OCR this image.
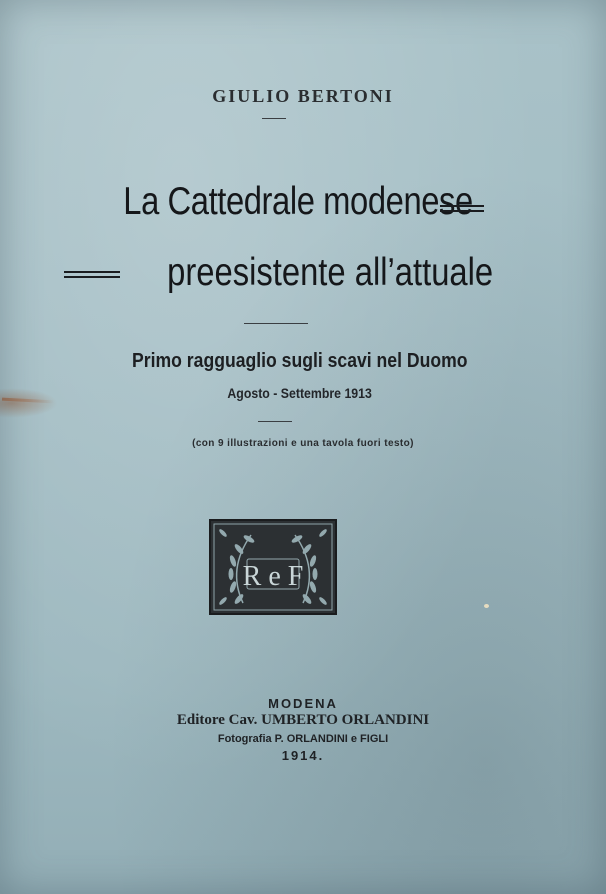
GIULIO BERTONI
La Cattedrale modenese
preesistente all’attuale
Primo ragguaglio sugli scavi nel Duomo
Agosto - Settembre 1913
(con 9 illustrazioni e una tavola fuori testo)
R e F
MODENA
Editore Cav. UMBERTO ORLANDINI
Fotografia P. ORLANDINI e FIGLI
1914.
